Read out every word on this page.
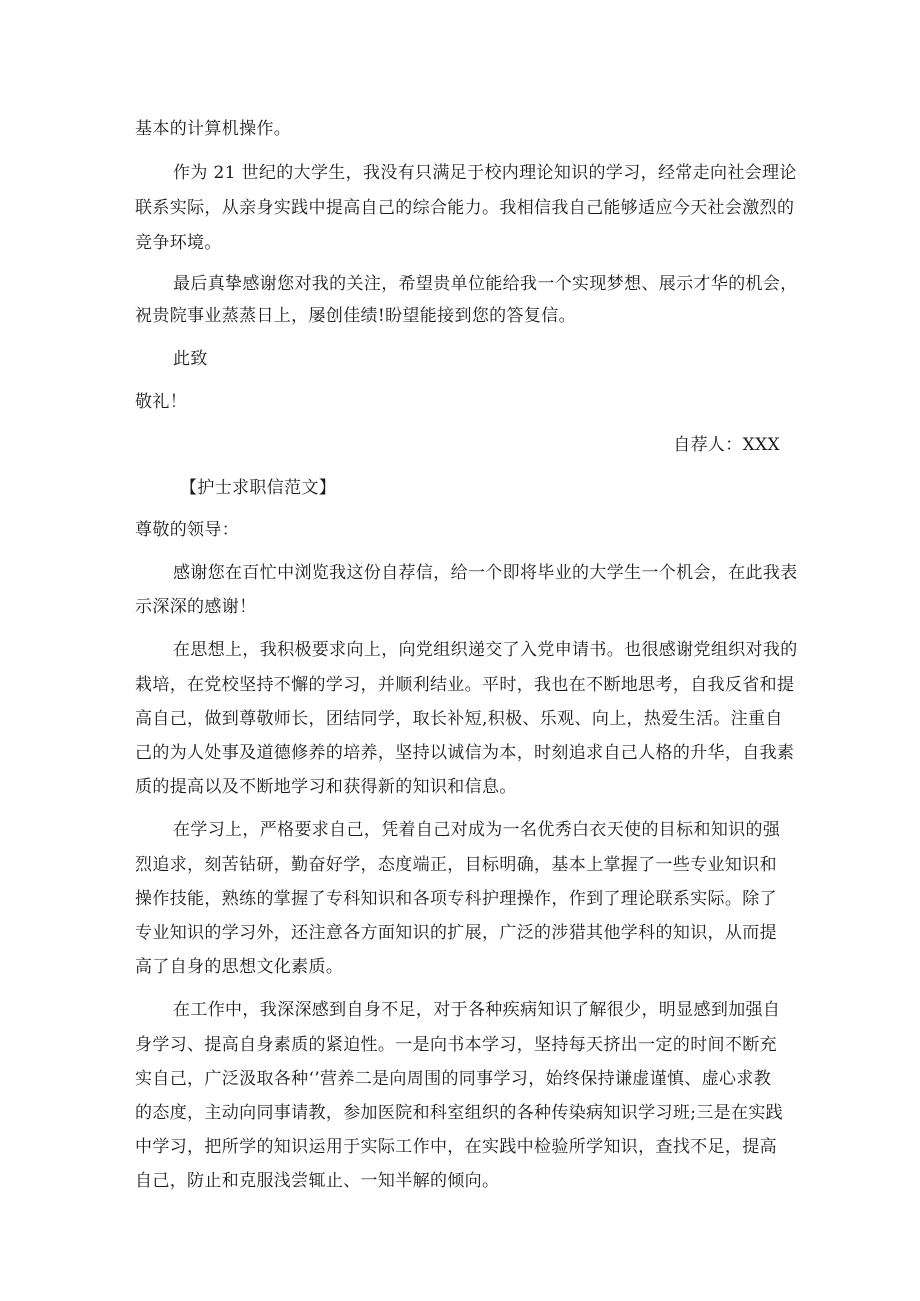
基本的计算机操作。
作为 21 世纪的大学生，我没有只满足于校内理论知识的学习，经常走向社会理论
联系实际，从亲身实践中提高自己的综合能力。我相信我自己能够适应今天社会激烈的
竞争环境。
最后真挚感谢您对我的关注，希望贵单位能给我一个实现梦想、展示才华的机会，
祝贵院事业蒸蒸日上，屡创佳绩!盼望能接到您的答复信。
此致
敬礼！
自荐人：XXX
【护士求职信范文】
尊敬的领导：
感谢您在百忙中浏览我这份自荐信，给一个即将毕业的大学生一个机会，在此我表
示深深的感谢！
在思想上，我积极要求向上，向党组织递交了入党申请书。也很感谢党组织对我的
栽培，在党校坚持不懈的学习，并顺利结业。平时，我也在不断地思考，自我反省和提
高自己，做到尊敬师长，团结同学，取长补短,积极、乐观、向上，热爱生活。注重自
己的为人处事及道德修养的培养，坚持以诚信为本，时刻追求自己人格的升华，自我素
质的提高以及不断地学习和获得新的知识和信息。
在学习上，严格要求自己，凭着自己对成为一名优秀白衣天使的目标和知识的强
烈追求，刻苦钻研，勤奋好学，态度端正，目标明确，基本上掌握了一些专业知识和
操作技能，熟练的掌握了专科知识和各项专科护理操作，作到了理论联系实际。除了
专业知识的学习外，还注意各方面知识的扩展，广泛的涉猎其他学科的知识，从而提
高了自身的思想文化素质。
在工作中，我深深感到自身不足，对于各种疾病知识了解很少，明显感到加强自
身学习、提高自身素质的紧迫性。一是向书本学习，坚持每天挤出一定的时间不断充
实自己，广泛汲取各种‘’营养二是向周围的同事学习，始终保持谦虚谨慎、虚心求教
的态度，主动向同事请教，参加医院和科室组织的各种传染病知识学习班;三是在实践
中学习，把所学的知识运用于实际工作中，在实践中检验所学知识，查找不足，提高
自己，防止和克服浅尝辄止、一知半解的倾向。
